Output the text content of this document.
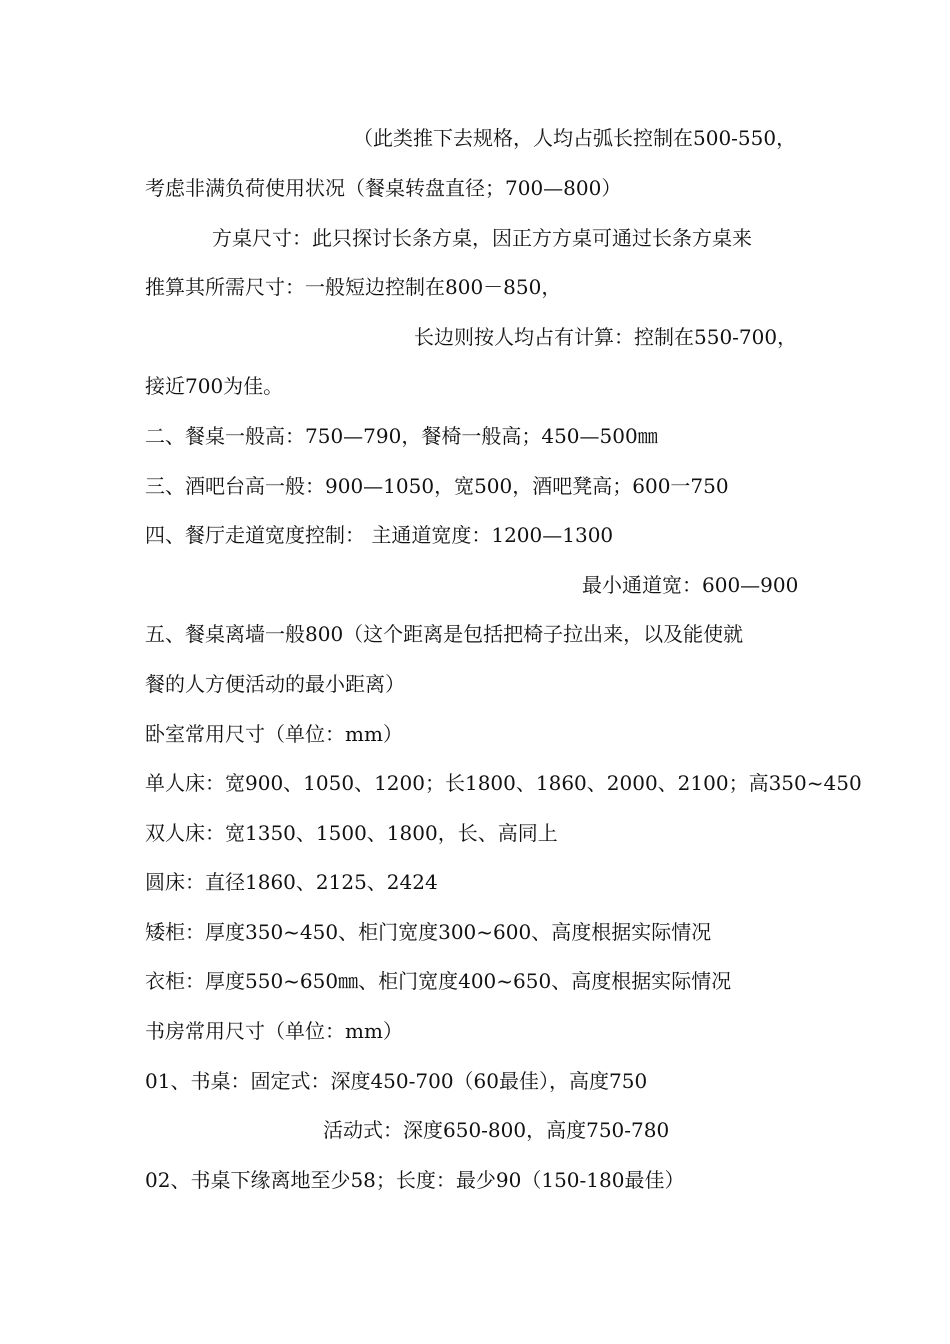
（此类推下去规格，人均占弧长控制在500-550，
考虑非满负荷使用状况（餐桌转盘直径；700—800）
方桌尺寸：此只探讨长条方桌，因正方方桌可通过长条方桌来
推算其所需尺寸：一般短边控制在800－850，
长边则按人均占有计算：控制在550-700，
接近700为佳。
二、餐桌一般高：750—790，餐椅一般高；450—500㎜
三、酒吧台高一般：900—1050，宽500，酒吧凳高；600一750
四、餐厅走道宽度控制： 主通道宽度：1200—1300
最小通道宽：600—900
五、餐桌离墙一般800（这个距离是包括把椅子拉出来，以及能使就
餐的人方便活动的最小距离）
卧室常用尺寸（单位：mm）
单人床：宽900、1050、1200；长1800、1860、2000、2100；高350~450
双人床：宽1350、1500、1800，长、高同上
圆床：直径1860、2125、2424
矮柜：厚度350~450、柜门宽度300~600、高度根据实际情况
衣柜：厚度550~650㎜、柜门宽度400~650、高度根据实际情况
书房常用尺寸（单位：mm）
01、书桌：固定式：深度450-700（60最佳），高度750
活动式：深度650-800，高度750-780
02、书桌下缘离地至少58；长度：最少90（150-180最佳）
